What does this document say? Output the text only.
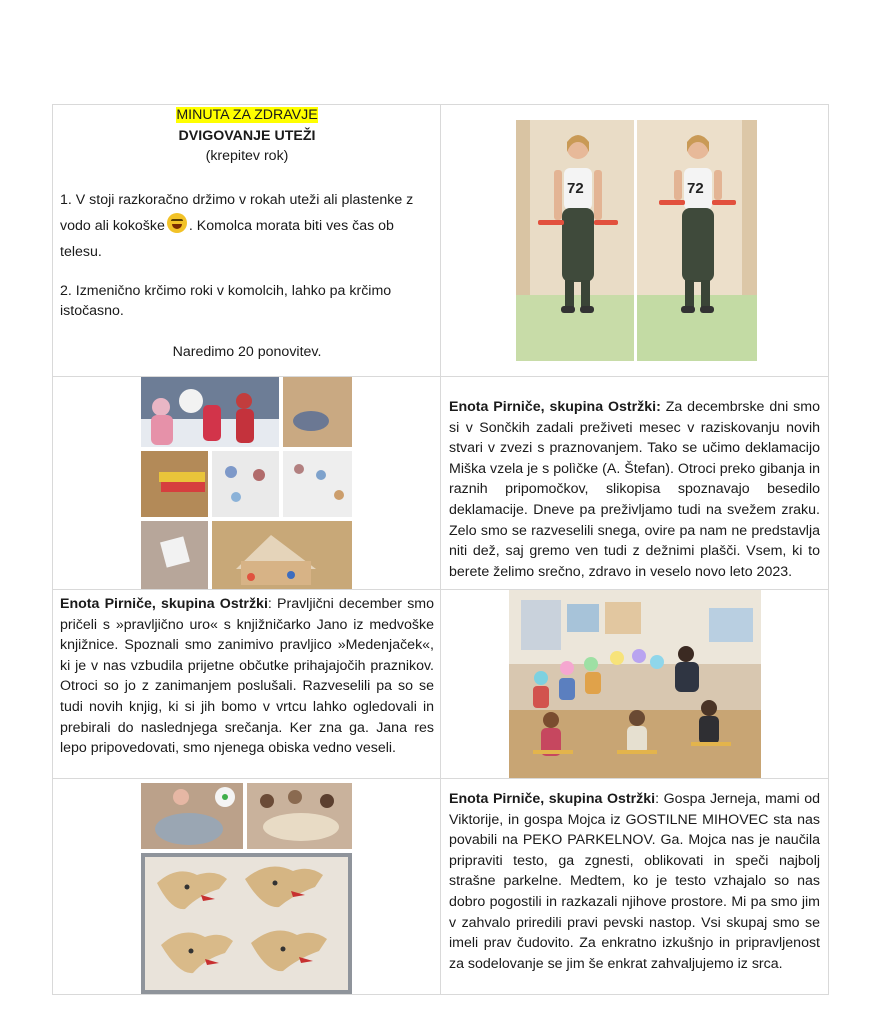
MINUTA ZA ZDRAVJE
DVIGOVANJE UTEŽI
(krepitev rok)
1. V stoji razkoračno držimo v rokah uteži ali plastenke z vodo ali kokoške . Komolca morata biti ves čas ob telesu.
2. Izmenično krčimo roki v komolcih, lahko pa krčimo istočasno.
Naredimo 20 ponovitev.
72	72
Enota Pirniče, skupina Ostržki: Za decembrske dni smo si v Sončkih zadali preživeti mesec v raziskovanju novih stvari v zvezi s praznovanjem. Tako se učimo deklamacijo Miška vzela je s polìčke (A. Štefan). Otroci preko gibanja in raznih pripomočkov, slikopisa spoznavajo besedilo deklamacije. Dneve pa preživljamo tudi na svežem zraku. Zelo smo se razveselili snega, ovire pa nam ne predstavlja niti dež, saj gremo ven tudi z dežnimi plašči. Vsem, ki to berete želimo srečno, zdravo in veselo novo leto 2023.
Enota Pirniče, skupina Ostržki: Pravljični december smo pričeli s »pravljično uro« s knjižničarko Jano iz medvoške knjižnice. Spoznali smo zanimivo pravljico »Medenjaček«, ki je v nas vzbudila prijetne občutke prihajajočih praznikov. Otroci so jo z zanimanjem poslušali. Razveselili pa so se tudi novih knjig, ki si jih bomo v vrtcu lahko ogledovali in prebirali do naslednjega srečanja. Ker zna ga. Jana res lepo pripovedovati, smo njenega obiska vedno veseli.
Enota Pirniče, skupina Ostržki: Gospa Jerneja, mami od Viktorije, in gospa Mojca iz GOSTILNE MIHOVEC sta nas povabili na PEKO PARKELNOV. Ga. Mojca nas je naučila pripraviti testo, ga zgnesti, oblikovati in speči najbolj strašne parkelne. Medtem, ko je testo vzhajalo so nas dobro pogostili in razkazali njihove prostore. Mi pa smo jim v zahvalo priredili pravi pevski nastop. Vsi skupaj smo se imeli prav čudovito. Za enkratno izkušnjo in pripravljenost za sodelovanje se jim še enkrat zahvaljujemo iz srca.
